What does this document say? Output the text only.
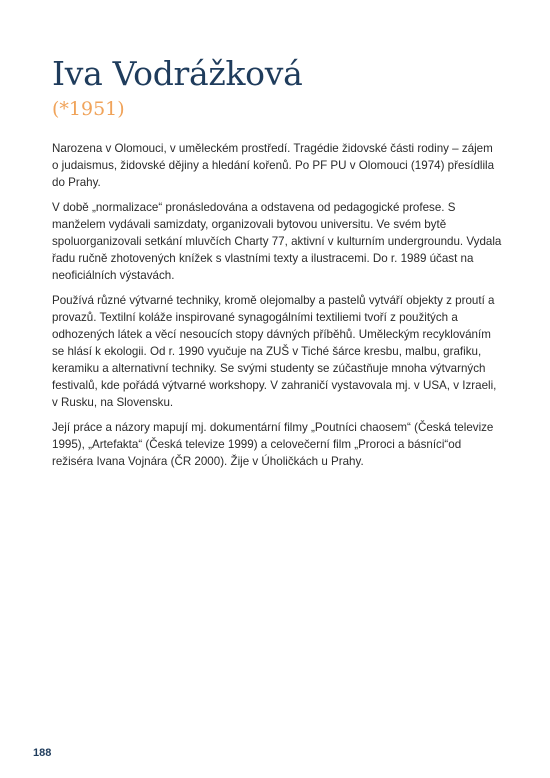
Iva Vodrážková
(*1951)

Narozena v Olomouci, v uměleckém prostředí. Tragédie židovské části rodiny – zájem o judaismus, židovské dějiny a hledání kořenů. Po PF PU v Olomouci (1974) přesídlila do Prahy.

V době „normalizace“ pronásledována a odstavena od pedagogické profese. S manželem vydávali samizdaty, organizovali bytovou universitu. Ve svém bytě spoluorganizovali setkání mluvčích Charty 77, aktivní v kulturním undergroundu. Vydala řadu ručně zhotovených knížek s vlastními texty a ilustracemi. Do r. 1989 účast na neoficiálních výstavách.

Používá různé výtvarné techniky, kromě olejomalby a pastelů vytváří objekty z proutí a provazů. Textilní koláže inspirované synagogálními textiliemi tvoří z použitých a odhozených látek a věcí nesoucích stopy dávných příběhů. Uměleckým recyklováním se hlásí k ekologii. Od r. 1990 vyučuje na ZUŠ v Tiché šárce kresbu, malbu, grafiku, keramiku a alternativní techniky. Se svými studenty se zúčastňuje mnoha výtvarných festivalů, kde pořádá výtvarné workshopy. V zahraničí vystavovala mj. v USA, v Izraeli, v Rusku, na Slovensku.

Její práce a názory mapují mj. dokumentární filmy „Poutníci chaosem“ (Česká televize 1995), „Artefakta“ (Česká televize 1999) a celovečerní film „Proroci a básníci“od režiséra Ivana Vojnára (ČR 2000). Žije v Úholičkách u Prahy.

188
